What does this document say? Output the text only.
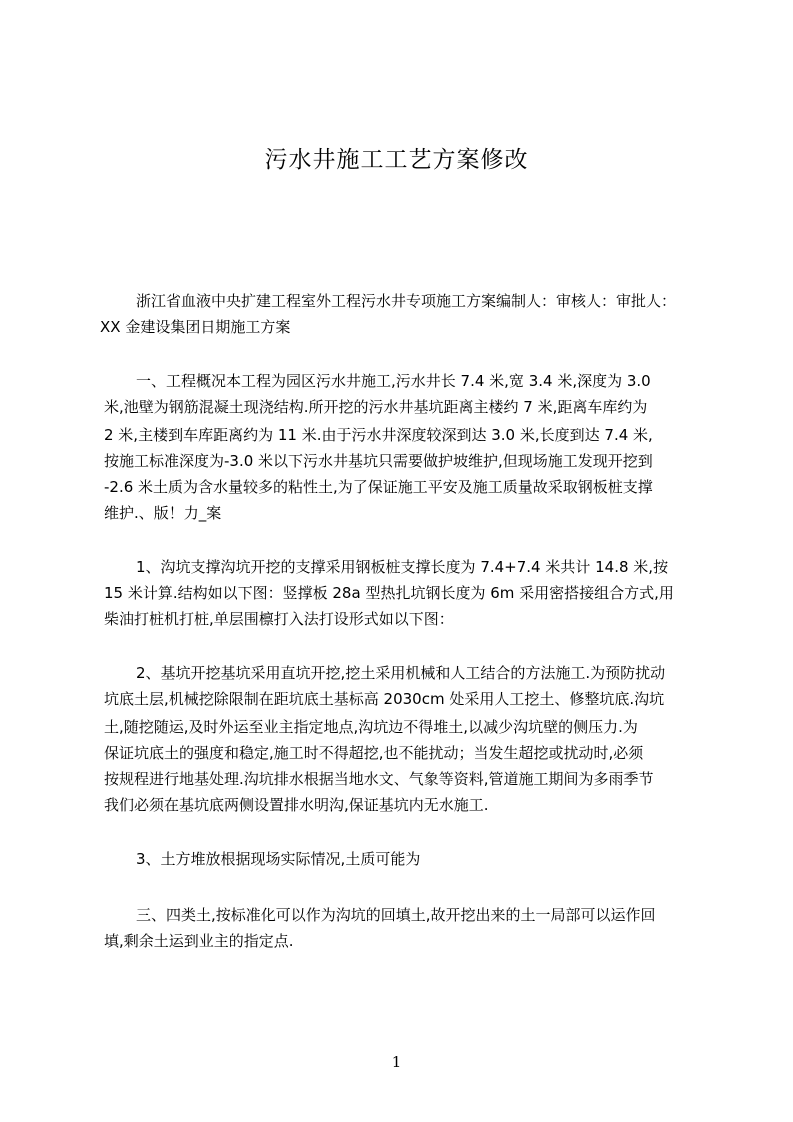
污水井施工工艺方案修改
浙江省血液中央扩建工程室外工程污水井专项施工方案编制人：审核人：审批人：
XX 金建设集团日期施工方案
一、工程概况本工程为园区污水井施工,污水井长 7.4 米,宽 3.4 米,深度为 3.0
米,池壁为钢筋混凝土现浇结构.所开挖的污水井基坑距离主楼约 7 米,距离车库约为
2 米,主楼到车库距离约为 11 米.由于污水井深度较深到达 3.0 米,长度到达 7.4 米,
按施工标准深度为-3.0 米以下污水井基坑只需要做护坡维护,但现场施工发现开挖到
-2.6 米土质为含水量较多的粘性土,为了保证施工平安及施工质量故采取钢板桩支撑
维护.、版！力_案
1、沟坑支撑沟坑开挖的支撑采用钢板桩支撑长度为 7.4+7.4 米共计 14.8 米,按
15 米计算.结构如以下图：竖撑板 28a 型热扎坑钢长度为 6m 采用密搭接组合方式,用
柴油打桩机打桩,单层围檩打入法打设形式如以下图：
2、基坑开挖基坑采用直坑开挖,挖土采用机械和人工结合的方法施工.为预防扰动
坑底土层,机械挖除限制在距坑底土基标高 2030cm 处采用人工挖土、修整坑底.沟坑
土,随挖随运,及时外运至业主指定地点,沟坑边不得堆土,以减少沟坑壁的侧压力.为
保证坑底土的强度和稳定,施工时不得超挖,也不能扰动；当发生超挖或扰动时,必须
按规程进行地基处理.沟坑排水根据当地水文、气象等资料,管道施工期间为多雨季节
我们必须在基坑底两侧设置排水明沟,保证基坑内无水施工.
3、土方堆放根据现场实际情况,土质可能为
三、四类土,按标准化可以作为沟坑的回填土,故开挖出来的土一局部可以运作回
填,剩余土运到业主的指定点.
1
